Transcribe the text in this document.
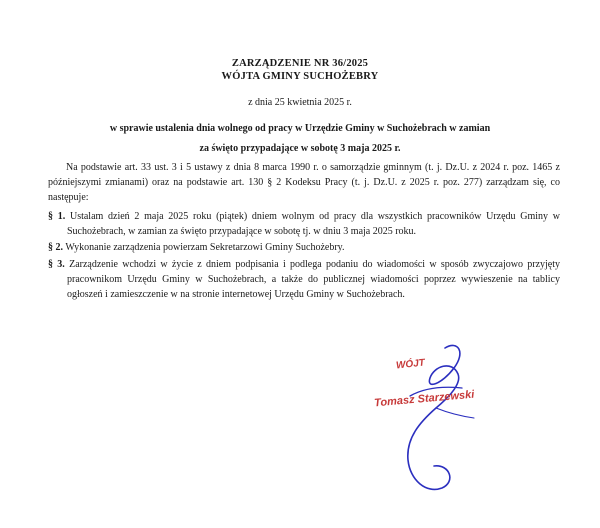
ZARZĄDZENIE NR 36/2025
WÓJTA GMINY SUCHOŻEBRY
z dnia 25 kwietnia 2025 r.
w sprawie ustalenia dnia wolnego od pracy w Urzędzie Gminy w Suchożebrach w zamian
za święto przypadające w sobotę 3 maja 2025 r.

Na podstawie art. 33 ust. 3 i 5 ustawy z dnia 8 marca 1990 r. o samorządzie gminnym (t. j. Dz.U. z 2024 r. poz. 1465 z późniejszymi zmianami) oraz na podstawie art. 130 § 2 Kodeksu Pracy (t. j. Dz.U. z 2025 r. poz. 277) zarządzam się, co następuje:

§ 1. Ustalam dzień 2 maja 2025 roku (piątek) dniem wolnym od pracy dla wszystkich pracowników Urzędu Gminy w Suchożebrach, w zamian za święto przypadające w sobotę tj. w dniu 3 maja 2025 roku.

§ 2. Wykonanie zarządzenia powierzam Sekretarzowi Gminy Suchożebry.

§ 3. Zarządzenie wchodzi w życie z dniem podpisania i podlega podaniu do wiadomości w sposób zwyczajowo przyjęty pracownikom Urzędu Gminy w Suchożebrach, a także do publicznej wiadomości poprzez wywieszenie na tablicy ogłoszeń i zamieszczenie w na stronie internetowej Urzędu Gminy w Suchożebrach.

WÓJT
Tomasz Starzewski
